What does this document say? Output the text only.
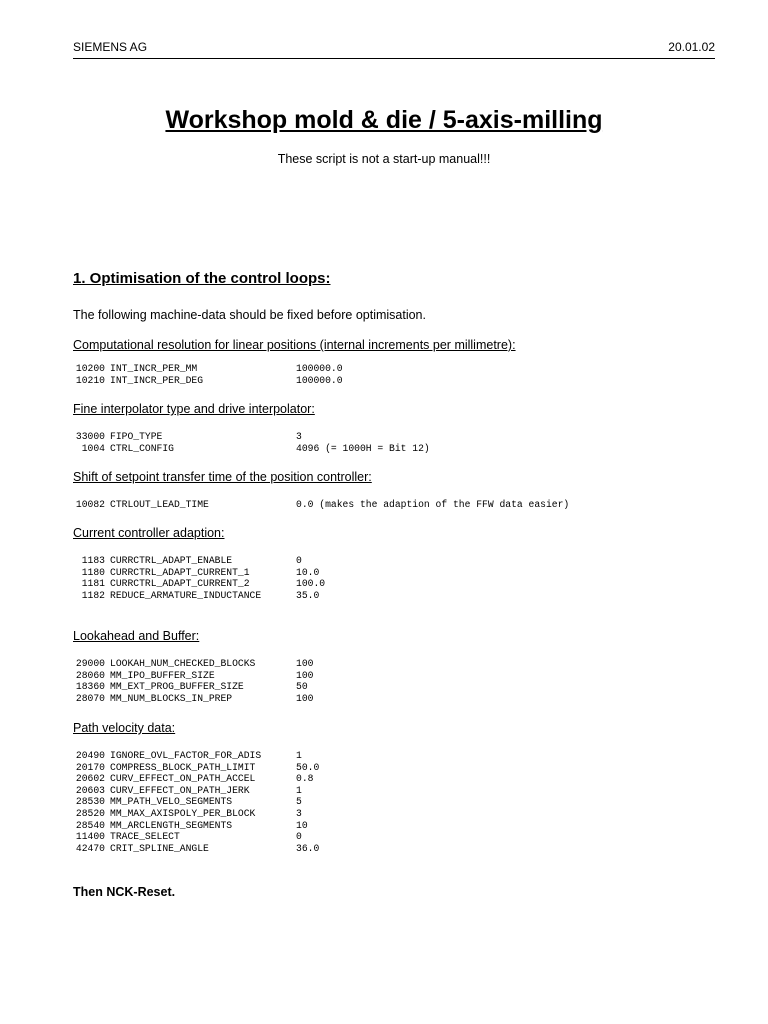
SIEMENS AG	20.01.02
Workshop mold & die / 5-axis-milling

These script is not a start-up manual!!!

1. Optimisation of the control loops:

The following machine-data should be fixed before optimisation.

Computational resolution for linear positions (internal increments per millimetre):

10200 INT_INCR_PER_MM	100000.0
10210 INT_INCR_PER_DEG	100000.0

Fine interpolator type and drive interpolator:

33000 FIPO_TYPE	3
1004 CTRL_CONFIG	4096 (= 1000H = Bit 12)

Shift of setpoint transfer time of the position controller:

10082 CTRLOUT_LEAD_TIME	0.0 (makes the adaption of the FFW data easier)

Current controller adaption:

1183 CURRCTRL_ADAPT_ENABLE	0
1180 CURRCTRL_ADAPT_CURRENT_1	10.0
1181 CURRCTRL_ADAPT_CURRENT_2	100.0
1182 REDUCE_ARMATURE_INDUCTANCE	35.0

Lookahead and Buffer:

29000 LOOKAH_NUM_CHECKED_BLOCKS	100
28060 MM_IPO_BUFFER_SIZE	100
18360 MM_EXT_PROG_BUFFER_SIZE	50
28070 MM_NUM_BLOCKS_IN_PREP	100

Path velocity data:

20490 IGNORE_OVL_FACTOR_FOR_ADIS	1
20170 COMPRESS_BLOCK_PATH_LIMIT	50.0
20602 CURV_EFFECT_ON_PATH_ACCEL	0.8
20603 CURV_EFFECT_ON_PATH_JERK	1
28530 MM_PATH_VELO_SEGMENTS	5
28520 MM_MAX_AXISPOLY_PER_BLOCK	3
28540 MM_ARCLENGTH_SEGMENTS	10
11400 TRACE_SELECT	0
42470 CRIT_SPLINE_ANGLE	36.0

Then NCK-Reset.
